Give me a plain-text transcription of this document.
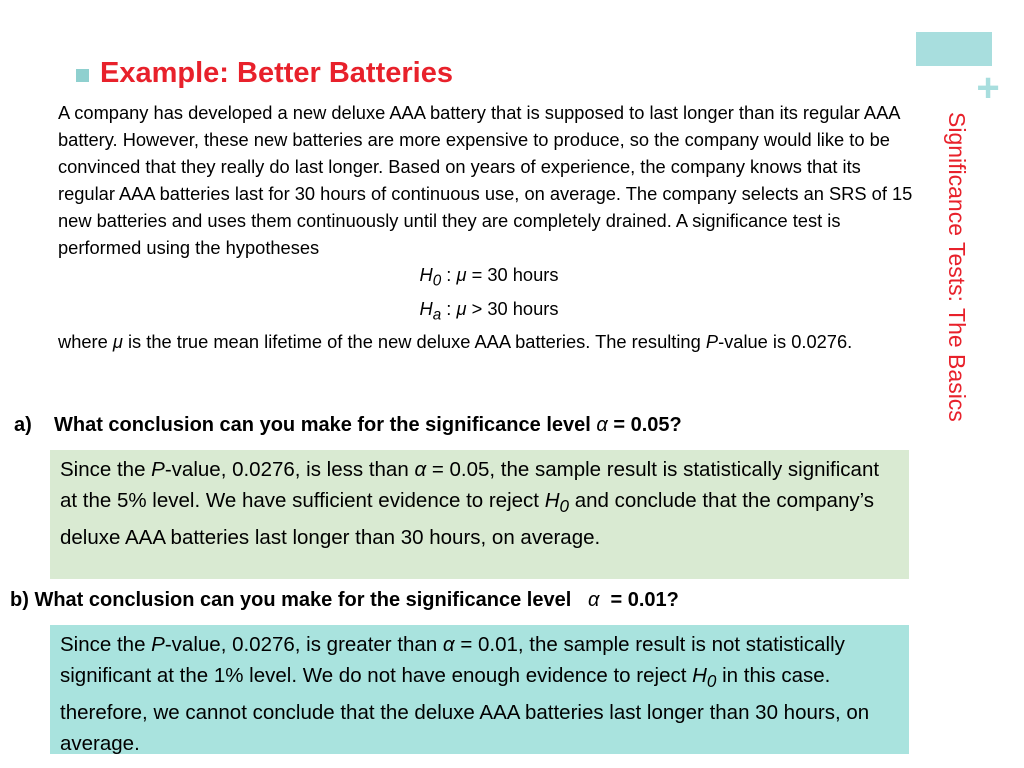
+
Significance Tests: The Basics
Example: Better Batteries
A company has developed a new deluxe AAA battery that is supposed to last longer than its regular AAA battery. However, these new batteries are more expensive to produce, so the company would like to be convinced that they really do last longer. Based on years of experience, the company knows that its regular AAA batteries last for 30 hours of continuous use, on average. The company selects an SRS of 15 new batteries and uses them continuously until they are completely drained. A significance test is performed using the hypotheses
$H_0$ : μ = 30 hours
$H_a$ : μ > 30 hours
where μ is the true mean lifetime of the new deluxe AAA batteries. The resulting P-value is 0.0276.
a) What conclusion can you make for the significance level α = 0.05?
Since the P-value, 0.0276, is less than α = 0.05, the sample result is statistically significant at the 5% level. We have sufficient evidence to reject $H_0$ and conclude that the company’s deluxe AAA batteries last longer than 30 hours, on average.
b) What conclusion can you make for the significance level   α  = 0.01?
Since the P-value, 0.0276, is greater than α = 0.01, the sample result is not statistically significant at the 1% level. We do not have enough evidence to reject $H_0$ in this case. therefore, we cannot conclude that the deluxe AAA batteries last longer than 30 hours, on average.
